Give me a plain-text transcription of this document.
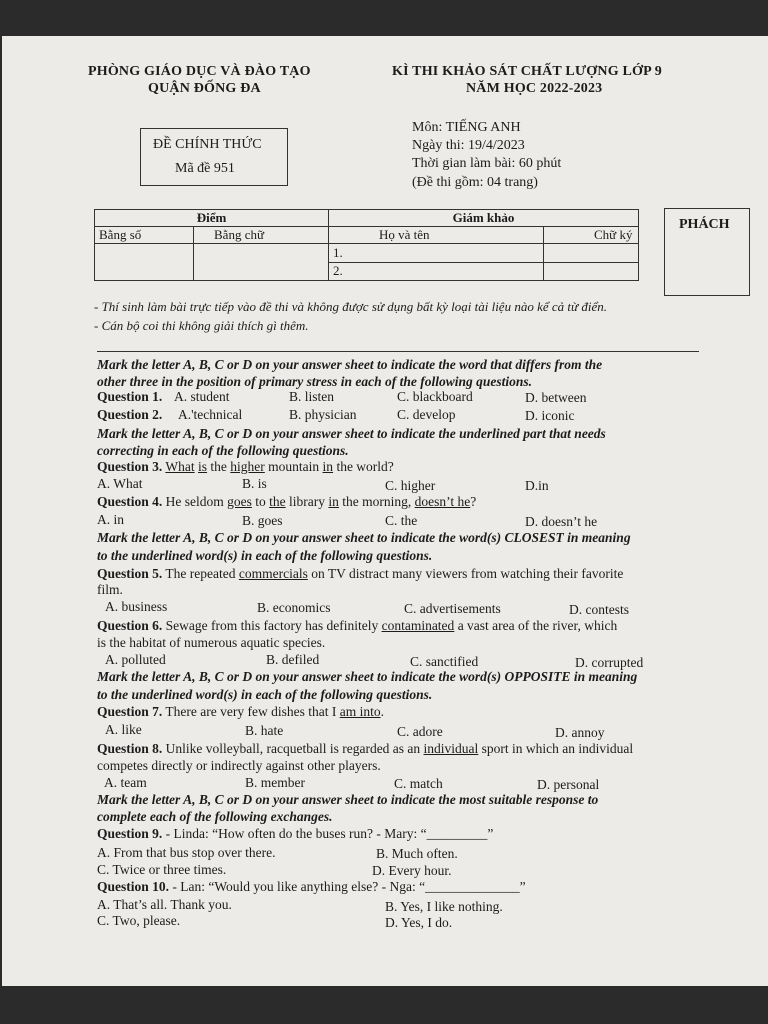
PHÒNG GIÁO DỤC VÀ ĐÀO TẠO
QUẬN ĐỐNG ĐA
KÌ THI KHẢO SÁT CHẤT LƯỢNG LỚP 9
NĂM HỌC 2022-2023
ĐỀ CHÍNH THỨC
Mã đề 951
Môn: TIẾNG ANH
Ngày thi: 19/4/2023
Thời gian làm bài: 60 phút
(Đề thi gồm: 04 trang)
Điểm		Giám khảo	
Bằng số	Bằng chữ	Họ và tên	Chữ ký
		1.	
		2.	
PHÁCH
- Thí sinh làm bài trực tiếp vào đề thi và không được sử dụng bất kỳ loại tài liệu nào kể cả từ điển.
- Cán bộ coi thi không giải thích gì thêm.
Mark the letter A, B, C or D on your answer sheet to indicate the word that differs from the
other three in the position of primary stress in each of the following questions.
Question 1. A. student	B. listen	C. blackboard	D. between
Question 2. A.'technical	B. physician	C. develop	D. iconic
Mark the letter A, B, C or D on your answer sheet to indicate the underlined part that needs
correcting in each of the following questions.
Question 3. What is the higher mountain in the world?
A. What	B. is	C. higher	D.in
Question 4. He seldom goes to the library in the morning, doesn’t he?
A. in	B. goes	C. the	D. doesn’t he
Mark the letter A, B, C or D on your answer sheet to indicate the word(s) CLOSEST in meaning
to the underlined word(s) in each of the following questions.
Question 5. The repeated commercials on TV distract many viewers from watching their favorite
film.
A. business	B. economics	C. advertisements	D. contests
Question 6. Sewage from this factory has definitely contaminated a vast area of the river, which
is the habitat of numerous aquatic species.
A. polluted	B. defiled	C. sanctified	D. corrupted
Mark the letter A, B, C or D on your answer sheet to indicate the word(s) OPPOSITE in meaning
to the underlined word(s) in each of the following questions.
Question 7. There are very few dishes that I am into.
A. like	B. hate	C. adore	D. annoy
Question 8. Unlike volleyball, racquetball is regarded as an individual sport in which an individual
competes directly or indirectly against other players.
A. team	B. member	C. match	D. personal
Mark the letter A, B, C or D on your answer sheet to indicate the most suitable response to
complete each of the following exchanges.
Question 9. - Linda: “How often do the buses run? - Mary: “_________”
A. From that bus stop over there.	B. Much often.
C. Twice or three times.	D. Every hour.
Question 10. - Lan: “Would you like anything else? - Nga: “______________”
A. That’s all. Thank you.	B. Yes, I like nothing.
C. Two, please.	D. Yes, I do.
